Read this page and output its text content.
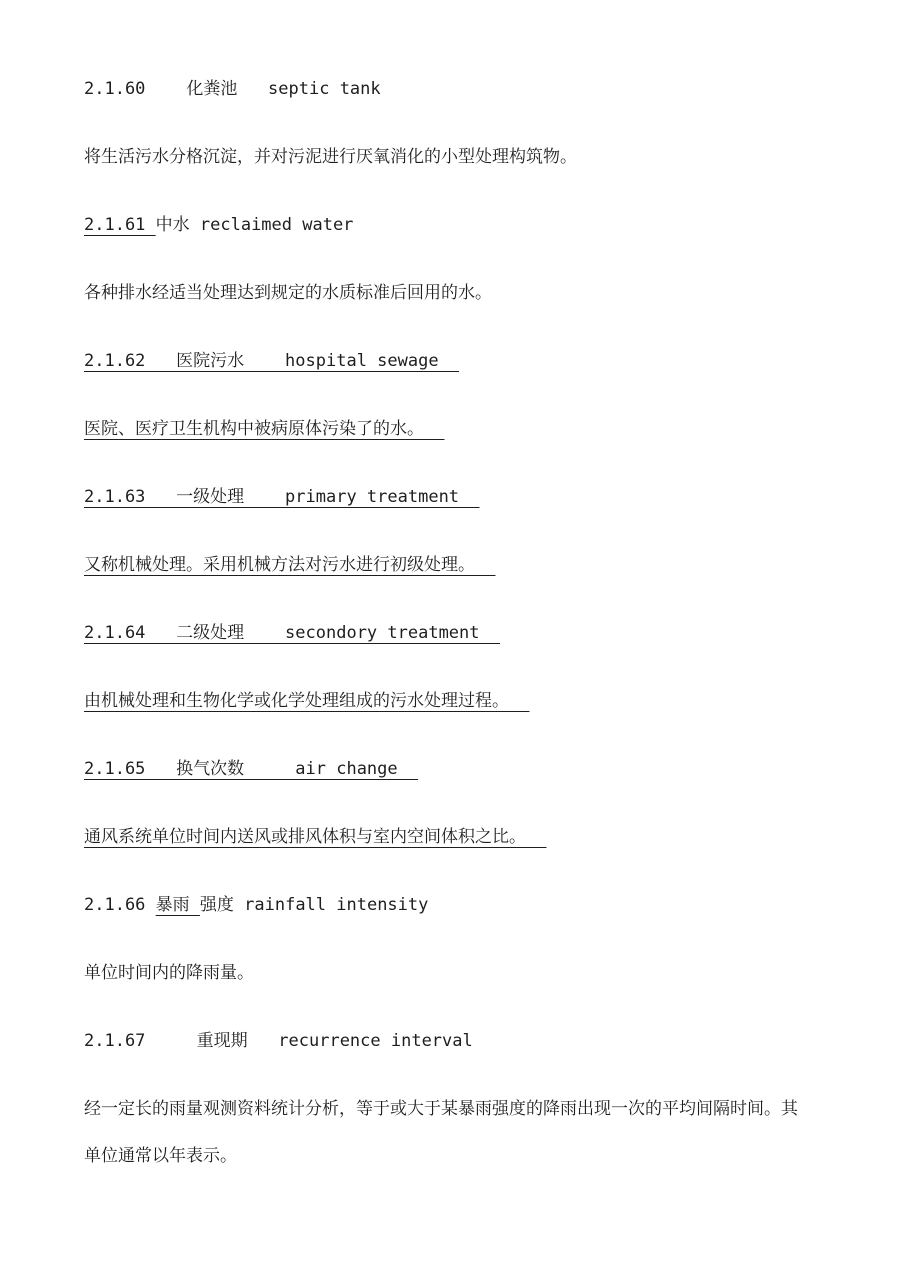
2.1.60    化粪池   septic tank

将生活污水分格沉淀，并对污泥进行厌氧消化的小型处理构筑物。

2.1.61 中水 reclaimed water

各种排水经适当处理达到规定的水质标准后回用的水。

2.1.62   医院污水    hospital sewage

医院、医疗卫生机构中被病原体污染了的水。

2.1.63   一级处理    primary treatment

又称机械处理。采用机械方法对污水进行初级处理。

2.1.64   二级处理    secondory treatment

由机械处理和生物化学或化学处理组成的污水处理过程。

2.1.65   换气次数     air change

通风系统单位时间内送风或排风体积与室内空间体积之比。

2.1.66 暴雨 强度 rainfall intensity

单位时间内的降雨量。

2.1.67     重现期   recurrence interval

经一定长的雨量观测资料统计分析，等于或大于某暴雨强度的降雨出现一次的平均间隔时间。其单位通常以年表示。
